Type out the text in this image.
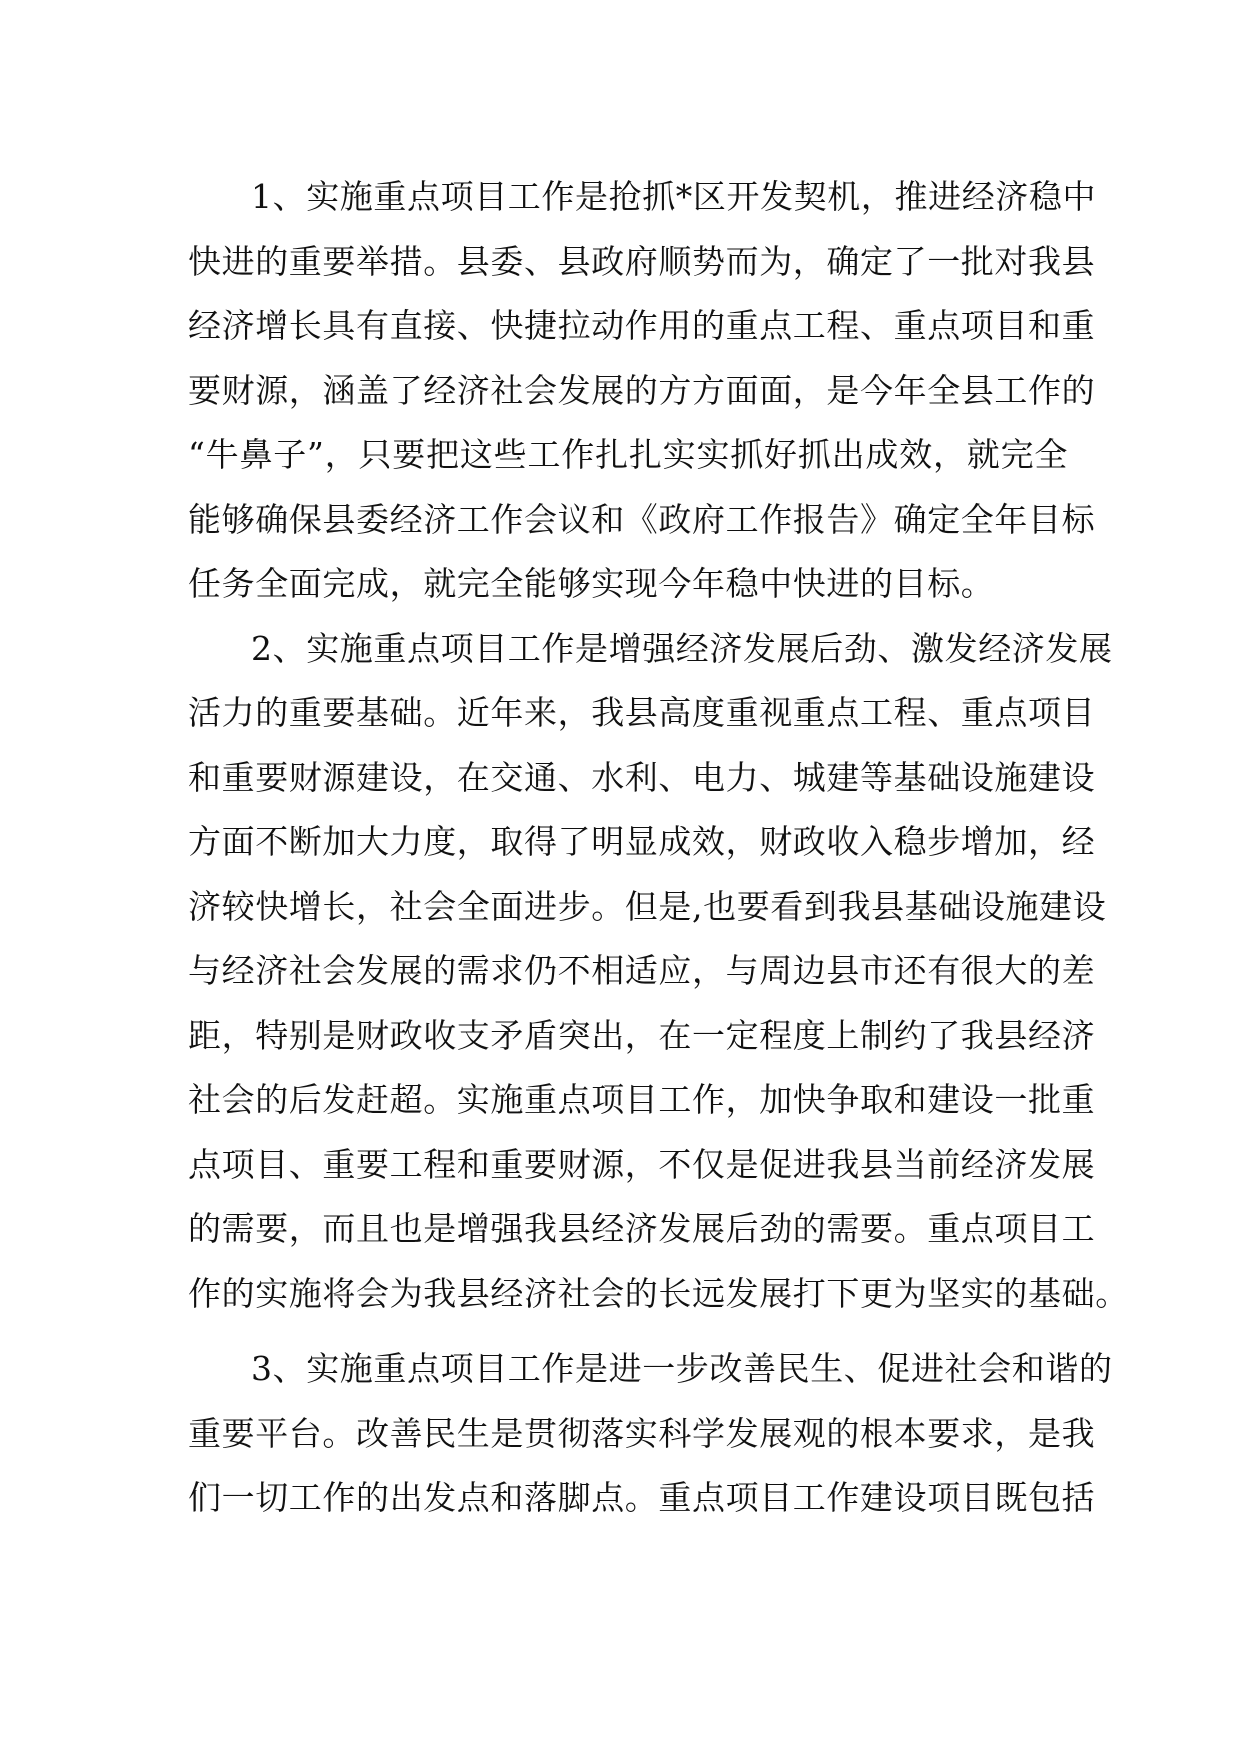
1、实施重点项目工作是抢抓*区开发契机，推进经济稳中
快进的重要举措。县委、县政府顺势而为，确定了一批对我县
经济增长具有直接、快捷拉动作用的重点工程、重点项目和重
要财源，涵盖了经济社会发展的方方面面，是今年全县工作的
“牛鼻子”，只要把这些工作扎扎实实抓好抓出成效，就完全
能够确保县委经济工作会议和《政府工作报告》确定全年目标
任务全面完成，就完全能够实现今年稳中快进的目标。
2、实施重点项目工作是增强经济发展后劲、激发经济发展
活力的重要基础。近年来，我县高度重视重点工程、重点项目
和重要财源建设，在交通、水利、电力、城建等基础设施建设
方面不断加大力度，取得了明显成效，财政收入稳步增加，经
济较快增长，社会全面进步。但是,也要看到我县基础设施建设
与经济社会发展的需求仍不相适应，与周边县市还有很大的差
距，特别是财政收支矛盾突出，在一定程度上制约了我县经济
社会的后发赶超。实施重点项目工作，加快争取和建设一批重
点项目、重要工程和重要财源，不仅是促进我县当前经济发展
的需要，而且也是增强我县经济发展后劲的需要。重点项目工
作的实施将会为我县经济社会的长远发展打下更为坚实的基础。
3、实施重点项目工作是进一步改善民生、促进社会和谐的
重要平台。改善民生是贯彻落实科学发展观的根本要求，是我
们一切工作的出发点和落脚点。重点项目工作建设项目既包括
